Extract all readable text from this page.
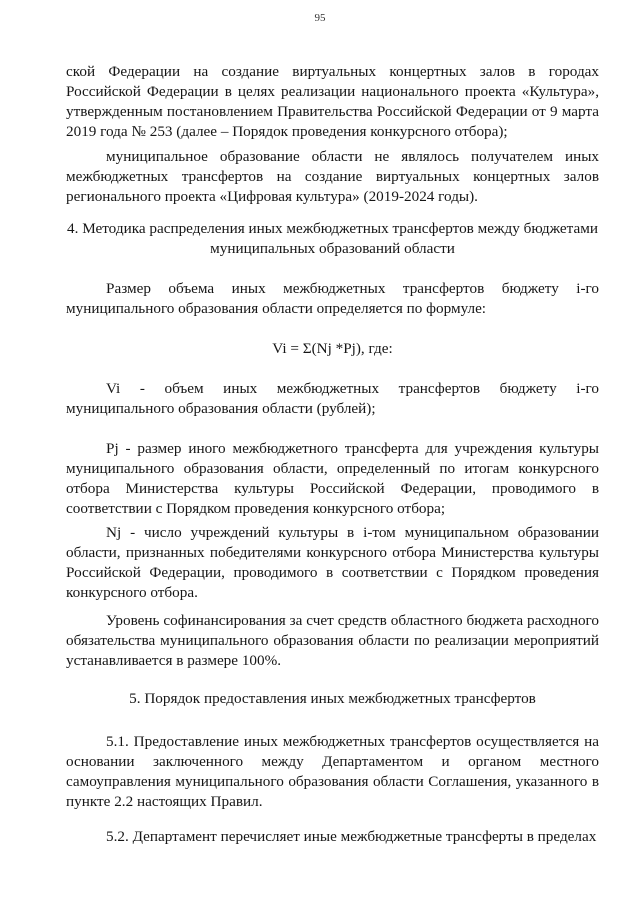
95

ской Федерации на создание виртуальных концертных залов в городах Российской Федерации в целях реализации национального проекта «Культура», утвержденным постановлением Правительства Российской Федерации от 9 марта 2019 года № 253 (далее – Порядок проведения конкурсного отбора);

муниципальное образование области не являлось получателем иных межбюджетных трансфертов на создание виртуальных концертных залов регионального проекта «Цифровая культура» (2019-2024 годы).

4. Методика распределения иных межбюджетных трансфертов между бюджетами муниципальных образований области

Размер объема иных межбюджетных трансфертов бюджету i-го муниципального образования области определяется по формуле:

Vi = Σ(Nj *Pj), где:

Vi - объем иных межбюджетных трансфертов бюджету i-го муниципального образования области (рублей);

Pj - размер иного межбюджетного трансферта для учреждения культуры муниципального образования области, определенный по итогам конкурсного отбора Министерства культуры Российской Федерации, проводимого в соответствии с Порядком проведения конкурсного отбора;

Nj - число учреждений культуры в i-том муниципальном образовании области, признанных победителями конкурсного отбора Министерства культуры Российской Федерации, проводимого в соответствии с Порядком проведения конкурсного отбора.

Уровень софинансирования за счет средств областного бюджета расходного обязательства муниципального образования области по реализации мероприятий устанавливается в размере 100%.

5. Порядок предоставления иных межбюджетных трансфертов

5.1. Предоставление иных межбюджетных трансфертов осуществляется на основании заключенного между Департаментом и органом местного самоуправления муниципального образования области Соглашения, указанного в пункте 2.2 настоящих Правил.

5.2. Департамент перечисляет иные межбюджетные трансферты в пределах
